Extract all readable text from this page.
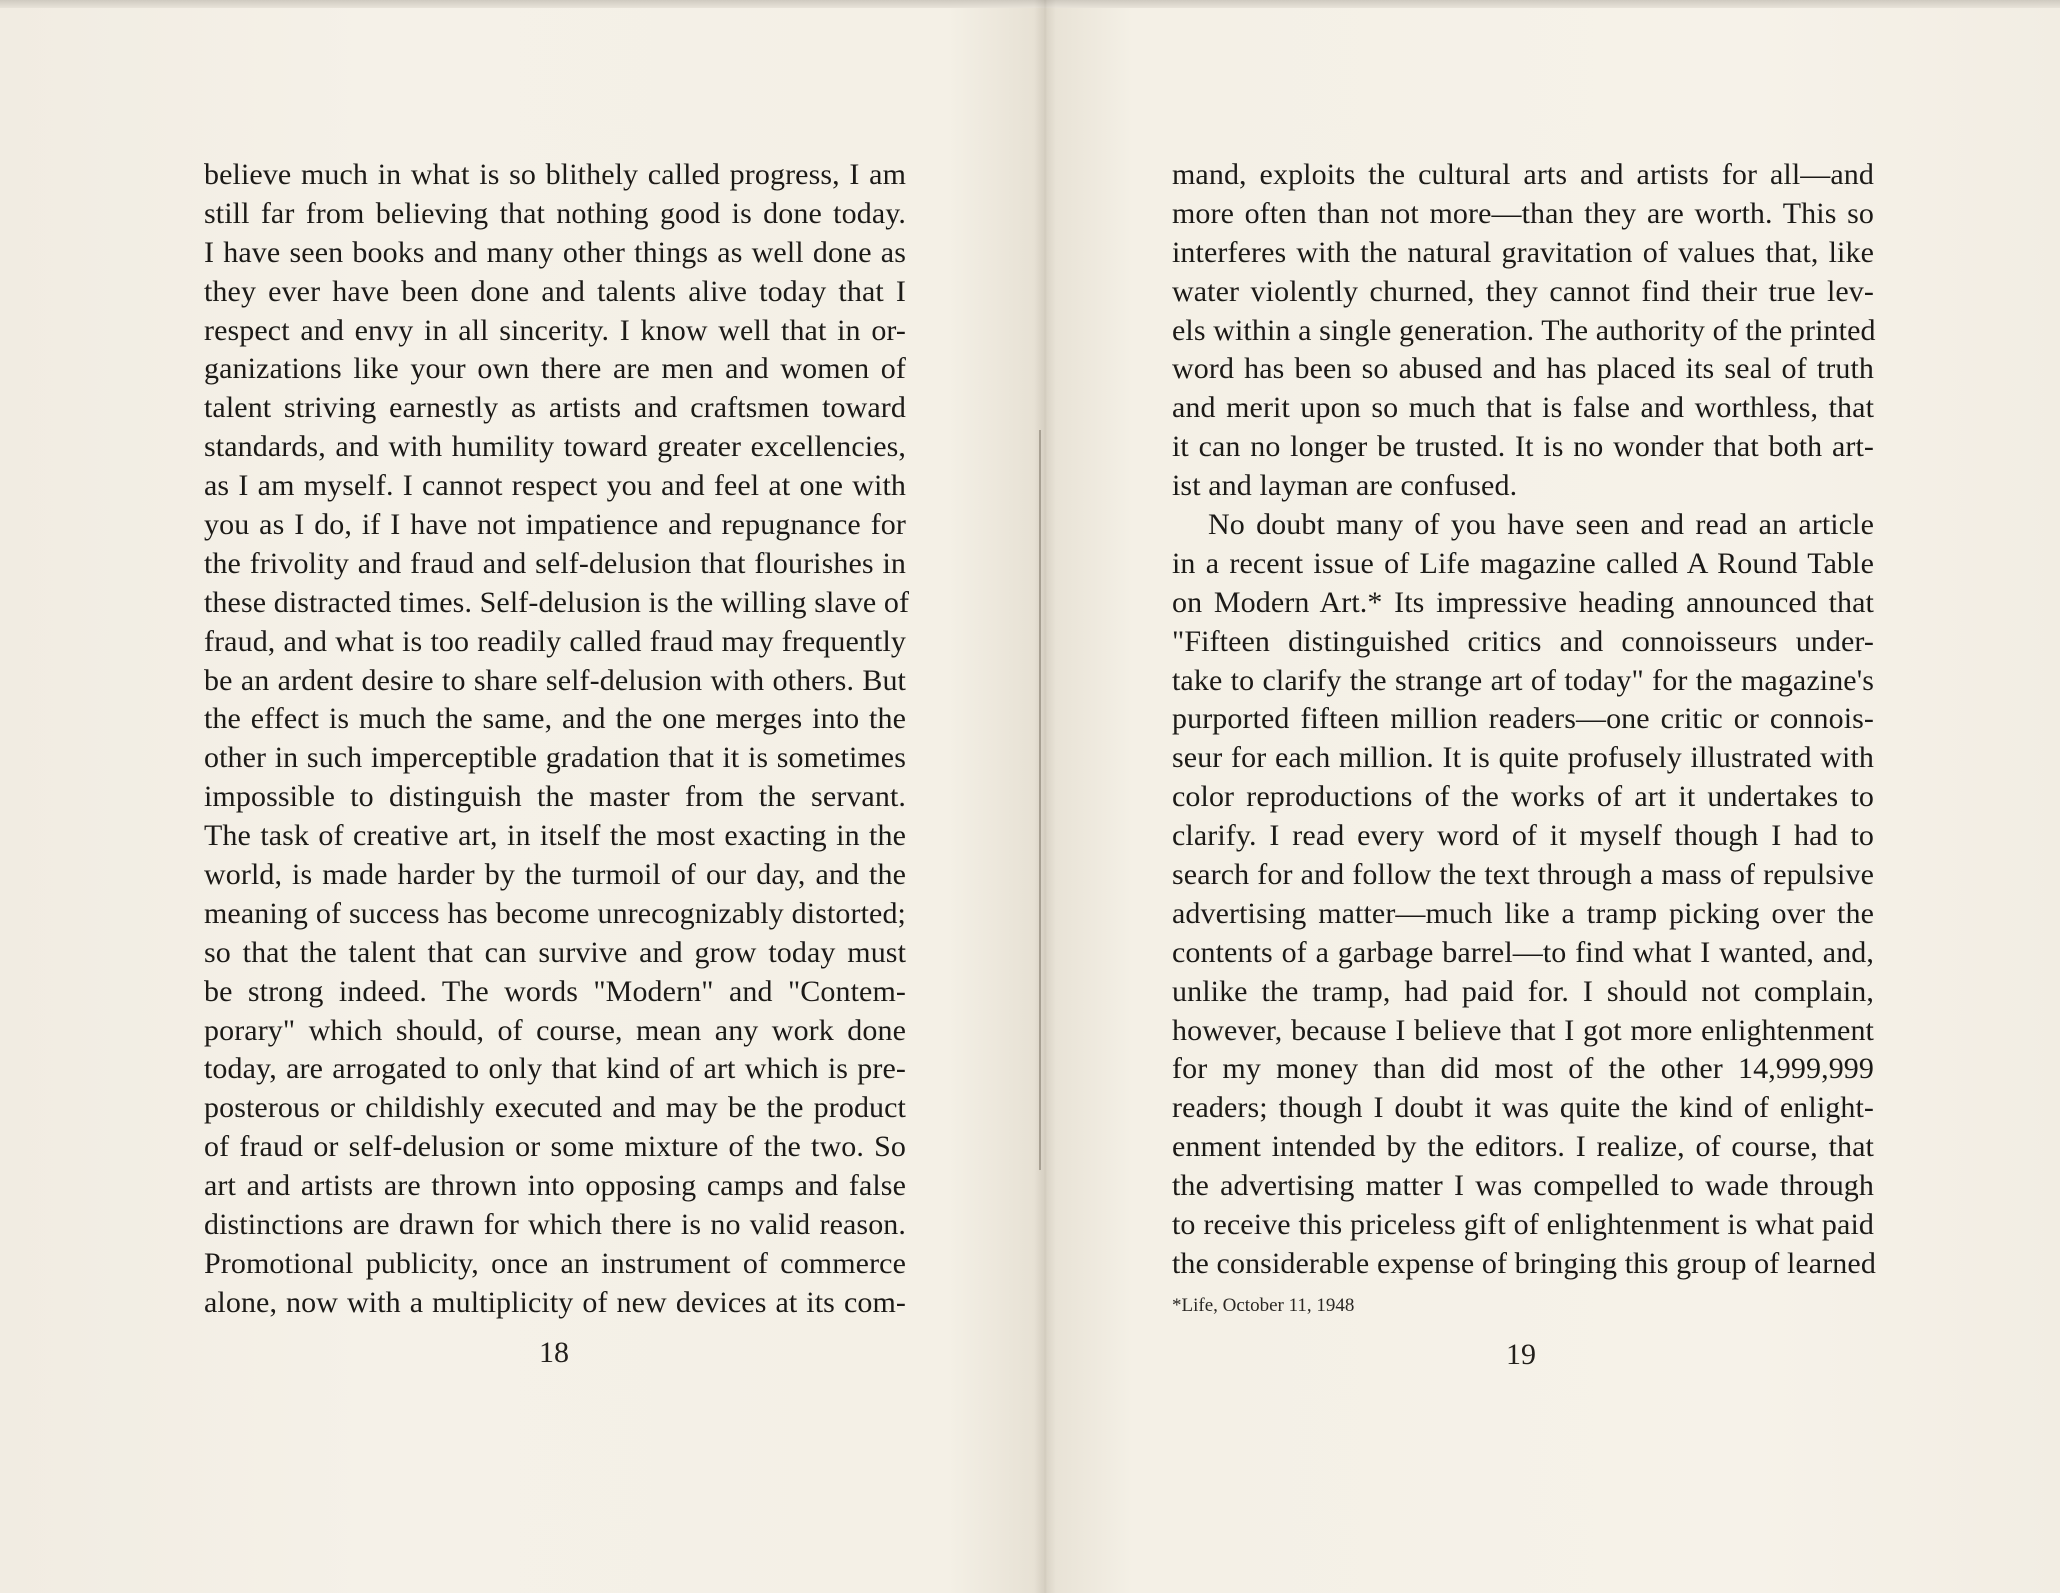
believe much in what is so blithely called progress, I am
still far from believing that nothing good is done today.
I have seen books and many other things as well done as
they ever have been done and talents alive today that I
respect and envy in all sincerity. I know well that in or-
ganizations like your own there are men and women of
talent striving earnestly as artists and craftsmen toward
standards, and with humility toward greater excellencies,
as I am myself. I cannot respect you and feel at one with
you as I do, if I have not impatience and repugnance for
the frivolity and fraud and self-delusion that flourishes in
these distracted times. Self-delusion is the willing slave of
fraud, and what is too readily called fraud may frequently
be an ardent desire to share self-delusion with others. But
the effect is much the same, and the one merges into the
other in such imperceptible gradation that it is sometimes
impossible to distinguish the master from the servant.
The task of creative art, in itself the most exacting in the
world, is made harder by the turmoil of our day, and the
meaning of success has become unrecognizably distorted;
so that the talent that can survive and grow today must
be strong indeed. The words "Modern" and "Contem-
porary" which should, of course, mean any work done
today, are arrogated to only that kind of art which is pre-
posterous or childishly executed and may be the product
of fraud or self-delusion or some mixture of the two. So
art and artists are thrown into opposing camps and false
distinctions are drawn for which there is no valid reason.
Promotional publicity, once an instrument of commerce
alone, now with a multiplicity of new devices at its com-
mand, exploits the cultural arts and artists for all—and
more often than not more—than they are worth. This so
interferes with the natural gravitation of values that, like
water violently churned, they cannot find their true lev-
els within a single generation. The authority of the printed
word has been so abused and has placed its seal of truth
and merit upon so much that is false and worthless, that
it can no longer be trusted. It is no wonder that both art-
ist and layman are confused.
No doubt many of you have seen and read an article
in a recent issue of Life magazine called A Round Table
on Modern Art.* Its impressive heading announced that
"Fifteen distinguished critics and connoisseurs under-
take to clarify the strange art of today" for the magazine's
purported fifteen million readers—one critic or connois-
seur for each million. It is quite profusely illustrated with
color reproductions of the works of art it undertakes to
clarify. I read every word of it myself though I had to
search for and follow the text through a mass of repulsive
advertising matter—much like a tramp picking over the
contents of a garbage barrel—to find what I wanted, and,
unlike the tramp, had paid for. I should not complain,
however, because I believe that I got more enlightenment
for my money than did most of the other 14,999,999
readers; though I doubt it was quite the kind of enlight-
enment intended by the editors. I realize, of course, that
the advertising matter I was compelled to wade through
to receive this priceless gift of enlightenment is what paid
the considerable expense of bringing this group of learned
*Life, October 11, 1948
18	19
